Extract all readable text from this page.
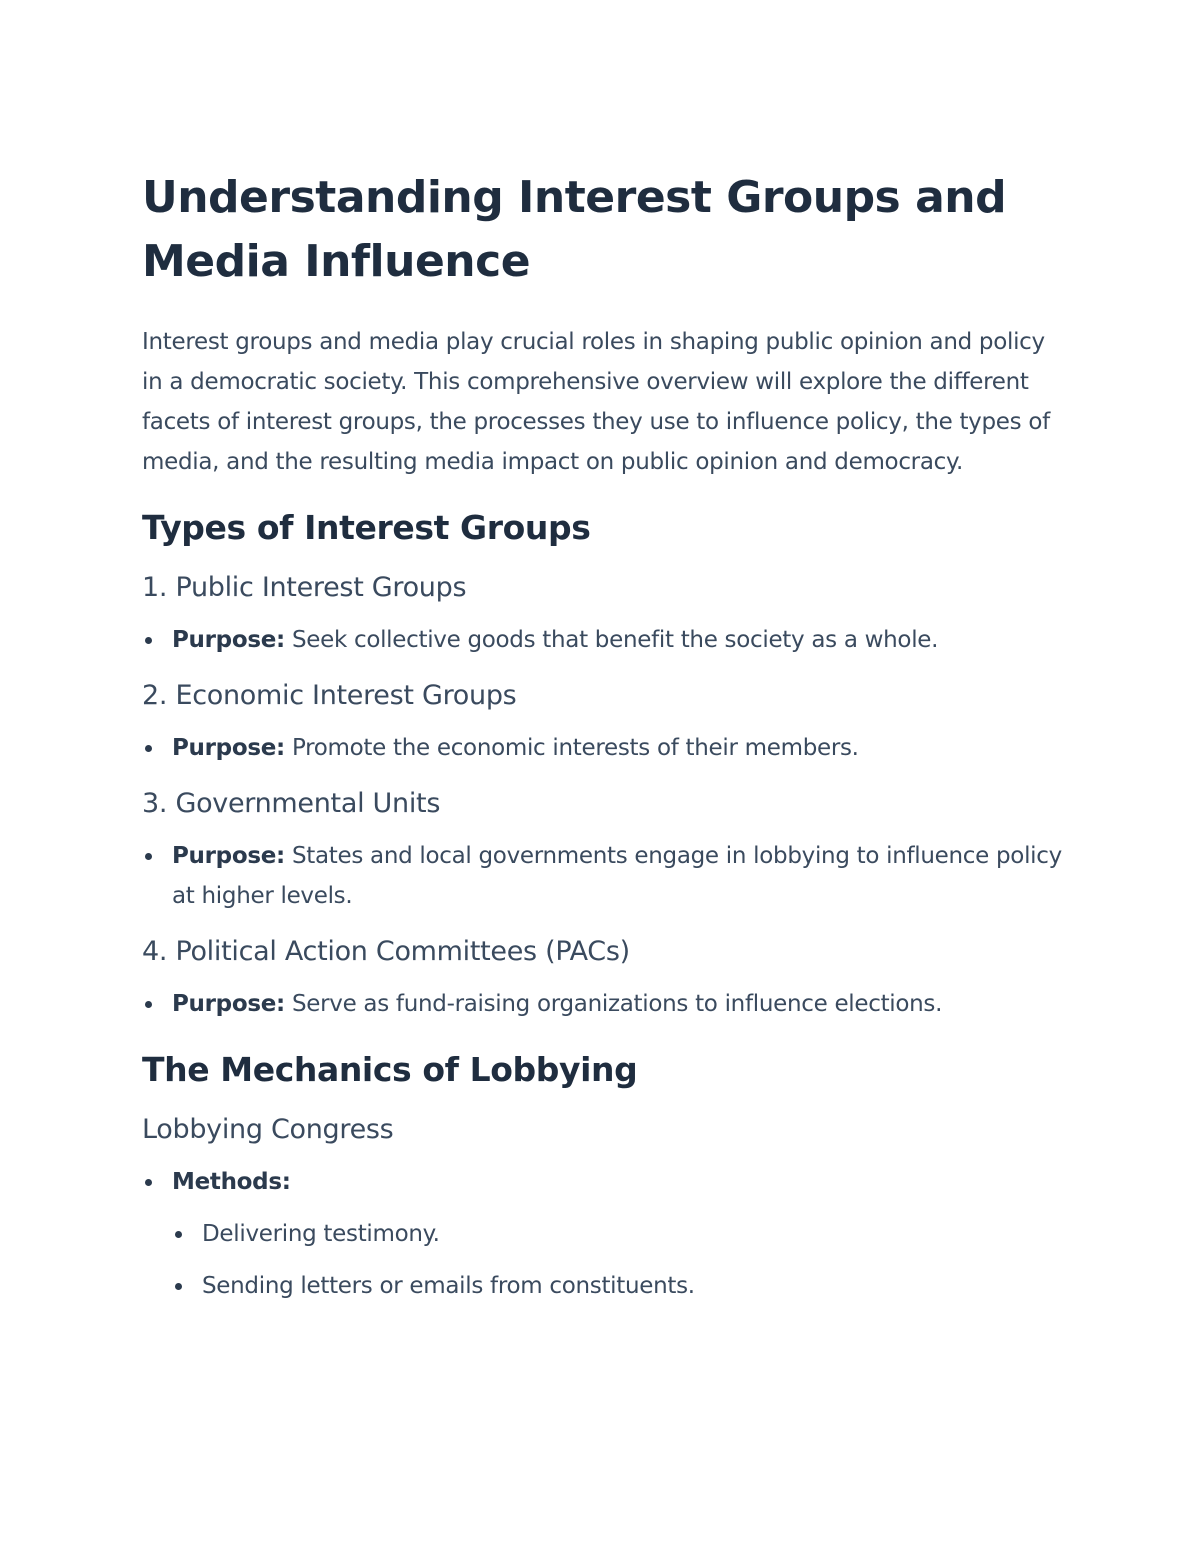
Understanding Interest Groups and Media Influence

Interest groups and media play crucial roles in shaping public opinion and policy in a democratic society. This comprehensive overview will explore the different facets of interest groups, the processes they use to influence policy, the types of media, and the resulting media impact on public opinion and democracy.

Types of Interest Groups
1. Public Interest Groups
Purpose: Seek collective goods that benefit the society as a whole.
2. Economic Interest Groups
Purpose: Promote the economic interests of their members.
3. Governmental Units
Purpose: States and local governments engage in lobbying to influence policy at higher levels.
4. Political Action Committees (PACs)
Purpose: Serve as fund-raising organizations to influence elections.
The Mechanics of Lobbying
Lobbying Congress
Methods:
Delivering testimony.
Sending letters or emails from constituents.
